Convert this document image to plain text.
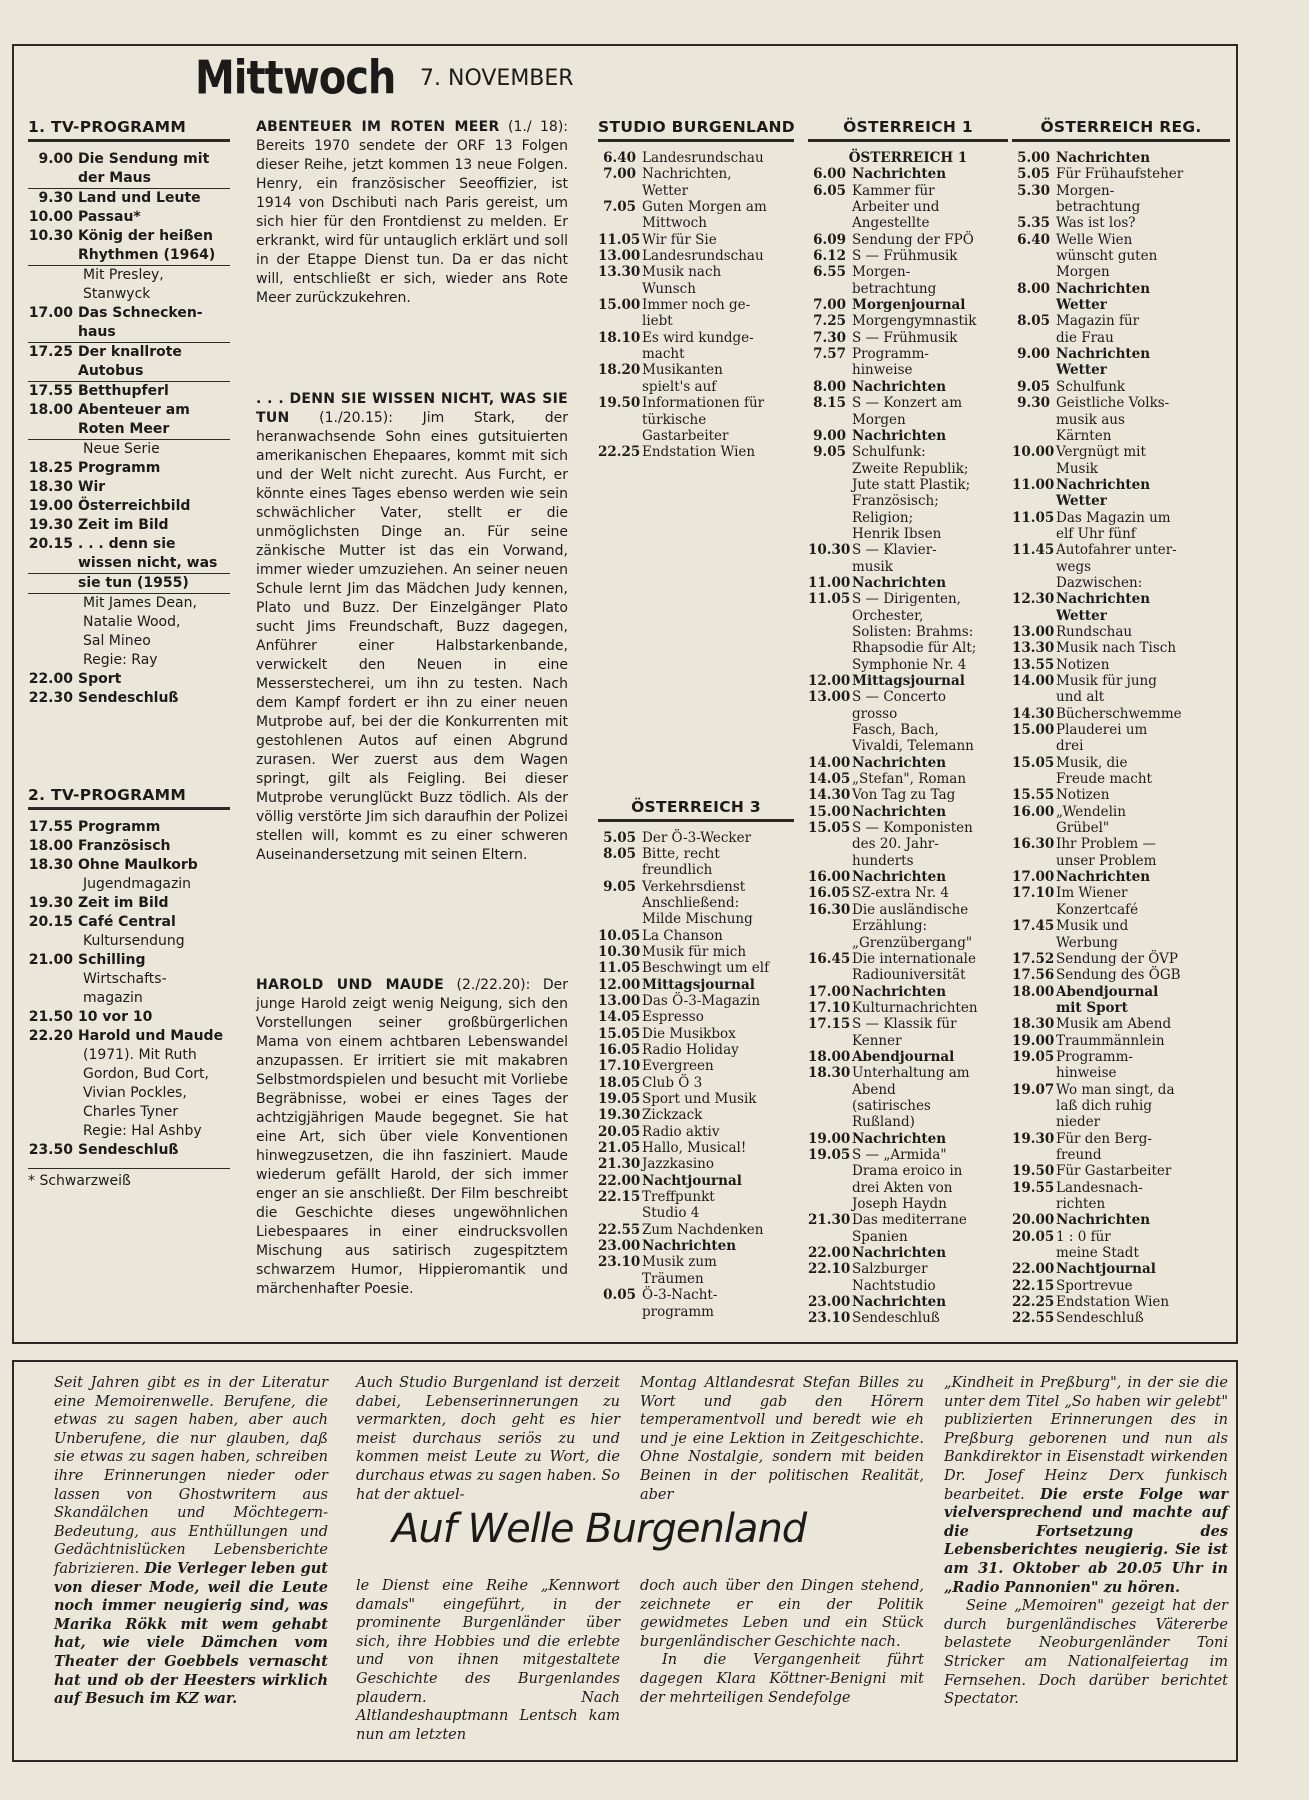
Mittwoch 7. NOVEMBER
1. TV-PROGRAMM
9.00 Die Sendung mit
der Maus
9.30 Land und Leute
10.00 Passau*
10.30 König der heißen
Rhythmen (1964)
Mit Presley,
Stanwyck
17.00 Das Schnecken-
haus
17.25 Der knallrote
Autobus
17.55 Betthupferl
18.00 Abenteuer am
Roten Meer
Neue Serie
18.25 Programm
18.30 Wir
19.00 Österreichbild
19.30 Zeit im Bild
20.15 . . . denn sie
wissen nicht, was
sie tun (1955)
Mit James Dean,
Natalie Wood,
Sal Mineo
Regie: Ray
22.00 Sport
22.30 Sendeschluß
2. TV-PROGRAMM
17.55 Programm
18.00 Französisch
18.30 Ohne Maulkorb
Jugendmagazin
19.30 Zeit im Bild
20.15 Café Central
Kultursendung
21.00 Schilling
Wirtschafts-
magazin
21.50 10 vor 10
22.20 Harold und Maude
(1971). Mit Ruth
Gordon, Bud Cort,
Vivian Pockles,
Charles Tyner
Regie: Hal Ashby
23.50 Sendeschluß
* Schwarzweiß
ABENTEUER IM ROTEN MEER (1./ 18): Bereits 1970 sendete der ORF 13 Folgen dieser Reihe, jetzt kommen 13 neue Folgen. Henry, ein französischer Seeoffizier, ist 1914 von Dschibuti nach Paris gereist, um sich hier für den Frontdienst zu melden. Er erkrankt, wird für untauglich erklärt und soll in der Etappe Dienst tun. Da er das nicht will, entschließt er sich, wieder ans Rote Meer zurückzukehren.
. . . DENN SIE WISSEN NICHT, WAS SIE TUN (1./20.15): Jim Stark, der heranwachsende Sohn eines gutsituierten amerikanischen Ehepaares, kommt mit sich und der Welt nicht zurecht. Aus Furcht, er könnte eines Tages ebenso werden wie sein schwächlicher Vater, stellt er die unmöglichsten Dinge an. Für seine zänkische Mutter ist das ein Vorwand, immer wieder umzuziehen. An seiner neuen Schule lernt Jim das Mädchen Judy kennen, Plato und Buzz. Der Einzelgänger Plato sucht Jims Freundschaft, Buzz dagegen, Anführer einer Halbstarkenbande, verwickelt den Neuen in eine Messerstecherei, um ihn zu testen. Nach dem Kampf fordert er ihn zu einer neuen Mutprobe auf, bei der die Konkurrenten mit gestohlenen Autos auf einen Abgrund zurasen. Wer zuerst aus dem Wagen springt, gilt als Feigling. Bei dieser Mutprobe verunglückt Buzz tödlich. Als der völlig verstörte Jim sich daraufhin der Polizei stellen will, kommt es zu einer schweren Auseinandersetzung mit seinen Eltern.
HAROLD UND MAUDE (2./22.20): Der junge Harold zeigt wenig Neigung, sich den Vorstellungen seiner großbürgerlichen Mama von einem achtbaren Lebenswandel anzupassen. Er irritiert sie mit makabren Selbstmordspielen und besucht mit Vorliebe Begräbnisse, wobei er eines Tages der achtzigjährigen Maude begegnet. Sie hat eine Art, sich über viele Konventionen hinwegzusetzen, die ihn fasziniert. Maude wiederum gefällt Harold, der sich immer enger an sie anschließt. Der Film beschreibt die Geschichte dieses ungewöhnlichen Liebespaares in einer eindrucksvollen Mischung aus satirisch zugespitztem schwarzem Humor, Hippieromantik und märchenhafter Poesie.
STUDIO BURGENLAND
6.40 Landesrundschau
7.00 Nachrichten,
Wetter
7.05 Guten Morgen am
Mittwoch
11.05 Wir für Sie
13.00 Landesrundschau
13.30 Musik nach
Wunsch
15.00 Immer noch ge-
liebt
18.10 Es wird kundge-
macht
18.20 Musikanten
spielt's auf
19.50 Informationen für
türkische
Gastarbeiter
22.25 Endstation Wien
ÖSTERREICH 3
5.05 Der Ö-3-Wecker
8.05 Bitte, recht
freundlich
9.05 Verkehrsdienst
Anschließend:
Milde Mischung
10.05 La Chanson
10.30 Musik für mich
11.05 Beschwingt um elf
12.00 Mittagsjournal
13.00 Das Ö-3-Magazin
14.05 Espresso
15.05 Die Musikbox
16.05 Radio Holiday
17.10 Evergreen
18.05 Club Ö 3
19.05 Sport und Musik
19.30 Zickzack
20.05 Radio aktiv
21.05 Hallo, Musical!
21.30 Jazzkasino
22.00 Nachtjournal
22.15 Treffpunkt
Studio 4
22.55 Zum Nachdenken
23.00 Nachrichten
23.10 Musik zum
Träumen
0.05 Ö-3-Nacht-
programm
ÖSTERREICH 1
ÖSTERREICH 1
6.00 Nachrichten
6.05 Kammer für
Arbeiter und
Angestellte
6.09 Sendung der FPÖ
6.12 S — Frühmusik
6.55 Morgen-
betrachtung
7.00 Morgenjournal
7.25 Morgengymnastik
7.30 S — Frühmusik
7.57 Programm-
hinweise
8.00 Nachrichten
8.15 S — Konzert am
Morgen
9.00 Nachrichten
9.05 Schulfunk:
Zweite Republik;
Jute statt Plastik;
Französisch;
Religion;
Henrik Ibsen
10.30 S — Klavier-
musik
11.00 Nachrichten
11.05 S — Dirigenten,
Orchester,
Solisten: Brahms:
Rhapsodie für Alt;
Symphonie Nr. 4
12.00 Mittagsjournal
13.00 S — Concerto
grosso
Fasch, Bach,
Vivaldi, Telemann
14.00 Nachrichten
14.05 „Stefan", Roman
14.30 Von Tag zu Tag
15.00 Nachrichten
15.05 S — Komponisten
des 20. Jahr-
hunderts
16.00 Nachrichten
16.05 SZ-extra Nr. 4
16.30 Die ausländische
Erzählung:
„Grenzübergang"
16.45 Die internationale
Radiouniversität
17.00 Nachrichten
17.10 Kulturnachrichten
17.15 S — Klassik für
Kenner
18.00 Abendjournal
18.30 Unterhaltung am
Abend
(satirisches
Rußland)
19.00 Nachrichten
19.05 S — „Armida"
Drama eroico in
drei Akten von
Joseph Haydn
21.30 Das mediterrane
Spanien
22.00 Nachrichten
22.10 Salzburger
Nachtstudio
23.00 Nachrichten
23.10 Sendeschluß
ÖSTERREICH REG.
5.00 Nachrichten
5.05 Für Frühaufsteher
5.30 Morgen-
betrachtung
5.35 Was ist los?
6.40 Welle Wien
wünscht guten
Morgen
8.00 Nachrichten
Wetter
8.05 Magazin für
die Frau
9.00 Nachrichten
Wetter
9.05 Schulfunk
9.30 Geistliche Volks-
musik aus
Kärnten
10.00 Vergnügt mit
Musik
11.00 Nachrichten
Wetter
11.05 Das Magazin um
elf Uhr fünf
11.45 Autofahrer unter-
wegs
Dazwischen:
12.30 Nachrichten
Wetter
13.00 Rundschau
13.30 Musik nach Tisch
13.55 Notizen
14.00 Musik für jung
und alt
14.30 Bücherschwemme
15.00 Plauderei um
drei
15.05 Musik, die
Freude macht
15.55 Notizen
16.00 „Wendelin
Grübel"
16.30 Ihr Problem —
unser Problem
17.00 Nachrichten
17.10 Im Wiener
Konzertcafé
17.45 Musik und
Werbung
17.52 Sendung der ÖVP
17.56 Sendung des ÖGB
18.00 Abendjournal
mit Sport
18.30 Musik am Abend
19.00 Traummännlein
19.05 Programm-
hinweise
19.07 Wo man singt, da
laß dich ruhig
nieder
19.30 Für den Berg-
freund
19.50 Für Gastarbeiter
19.55 Landesnach-
richten
20.00 Nachrichten
20.05 1 : 0 für
meine Stadt
22.00 Nachtjournal
22.15 Sportrevue
22.25 Endstation Wien
22.55 Sendeschluß
Seit Jahren gibt es in der Literatur eine Memoirenwelle. Berufene, die etwas zu sagen haben, aber auch Unberufene, die nur glauben, daß sie etwas zu sagen haben, schreiben ihre Erinnerungen nieder oder lassen von Ghostwritern aus Skandälchen und Möchtegern-Bedeutung, aus Enthüllungen und Gedächtnislücken Lebensberichte fabrizieren. Die Verleger leben gut von dieser Mode, weil die Leute noch immer neugierig sind, was Marika Rökk mit wem gehabt hat, wie viele Dämchen vom Theater der Goebbels vernascht hat und ob der Heesters wirklich auf Besuch im KZ war.
Auch Studio Burgenland ist derzeit dabei, Lebenserinnerungen zu vermarkten, doch geht es hier meist durchaus seriös zu und kommen meist Leute zu Wort, die durchaus etwas zu sagen haben. So hat der aktuel-
Auf Welle Burgenland
le Dienst eine Reihe „Kennwort damals" eingeführt, in der prominente Burgenländer über sich, ihre Hobbies und die erlebte und von ihnen mitgestaltete Geschichte des Burgenlandes plaudern. Nach Altlandeshauptmann Lentsch kam nun am letzten
Montag Altlandesrat Stefan Billes zu Wort und gab den Hörern temperamentvoll und beredt wie eh und je eine Lektion in Zeitgeschichte. Ohne Nostalgie, sondern mit beiden Beinen in der politischen Realität, aber
doch auch über den Dingen stehend, zeichnete er ein der Politik gewidmetes Leben und ein Stück burgenländischer Geschichte nach.
In die Vergangenheit führt dagegen Klara Köttner-Benigni mit der mehrteiligen Sendefolge
„Kindheit in Preßburg", in der sie die unter dem Titel „So haben wir gelebt" publizierten Erinnerungen des in Preßburg geborenen und nun als Bankdirektor in Eisenstadt wirkenden Dr. Josef Heinz Derx funkisch bearbeitet. Die erste Folge war vielversprechend und machte auf die Fortsetzung des Lebensberichtes neugierig. Sie ist am 31. Oktober ab 20.05 Uhr in „Radio Pannonien" zu hören.
Seine „Memoiren" gezeigt hat der durch burgenländisches Vätererbe belastete Neoburgenländer Toni Stricker am Nationalfeiertag im Fernsehen. Doch darüber berichtet Spectator.
